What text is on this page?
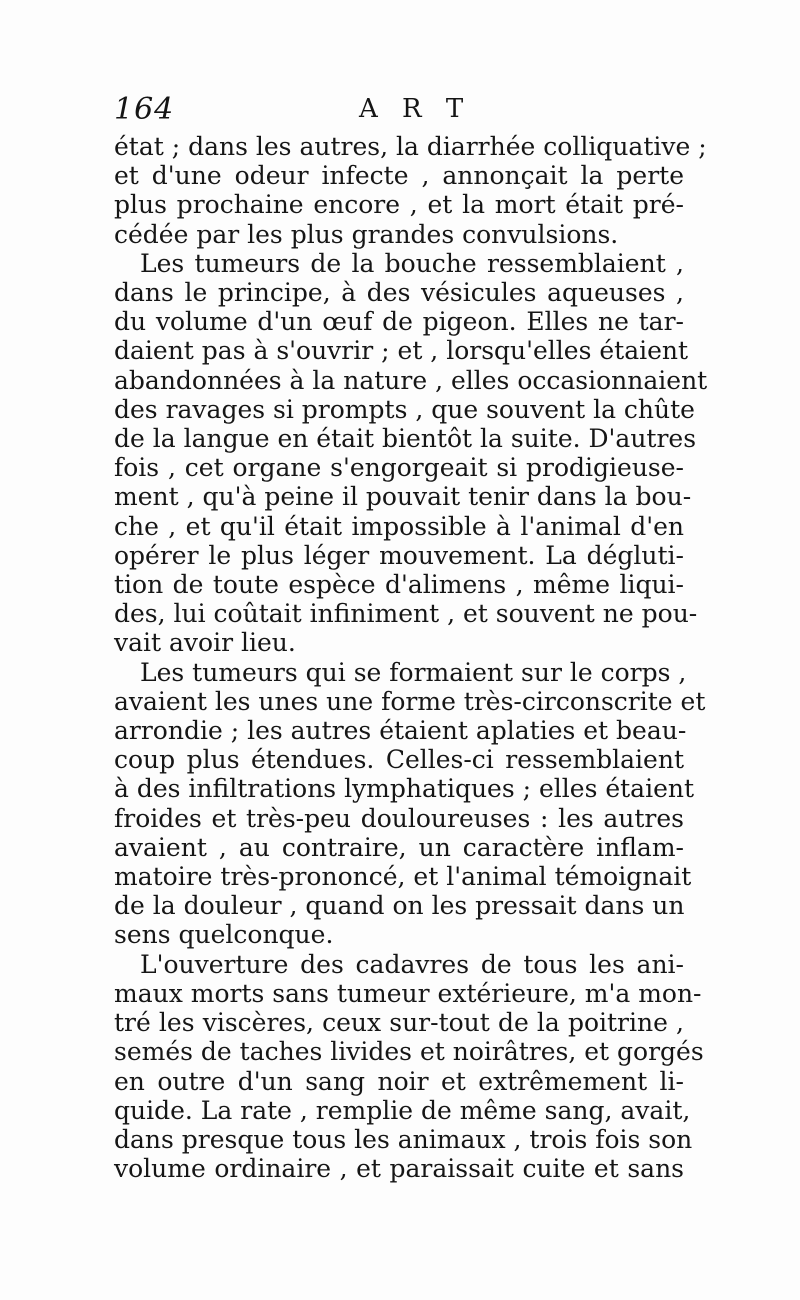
164	A R T
état ; dans les autres, la diarrhée colliquative ;
et d'une odeur infecte , annonçait la perte
plus prochaine encore , et la mort était pré-
cédée par les plus grandes convulsions.
Les tumeurs de la bouche ressemblaient ,
dans le principe, à des vésicules aqueuses ,
du volume d'un œuf de pigeon. Elles ne tar-
daient pas à s'ouvrir ; et , lorsqu'elles étaient
abandonnées à la nature , elles occasionnaient
des ravages si prompts , que souvent la chûte
de la langue en était bientôt la suite. D'autres
fois , cet organe s'engorgeait si prodigieuse-
ment , qu'à peine il pouvait tenir dans la bou-
che , et qu'il était impossible à l'animal d'en
opérer le plus léger mouvement. La dégluti-
tion de toute espèce d'alimens , même liqui-
des, lui coûtait infiniment , et souvent ne pou-
vait avoir lieu.
Les tumeurs qui se formaient sur le corps ,
avaient les unes une forme très-circonscrite et
arrondie ; les autres étaient aplaties et beau-
coup plus étendues. Celles-ci ressemblaient
à des infiltrations lymphatiques ; elles étaient
froides et très-peu douloureuses : les autres
avaient , au contraire, un caractère inflam-
matoire très-prononcé, et l'animal témoignait
de la douleur , quand on les pressait dans un
sens quelconque.
L'ouverture des cadavres de tous les ani-
maux morts sans tumeur extérieure, m'a mon-
tré les viscères, ceux sur-tout de la poitrine ,
semés de taches livides et noirâtres, et gorgés
en outre d'un sang noir et extrêmement li-
quide. La rate , remplie de même sang, avait,
dans presque tous les animaux , trois fois son
volume ordinaire , et paraissait cuite et sans
